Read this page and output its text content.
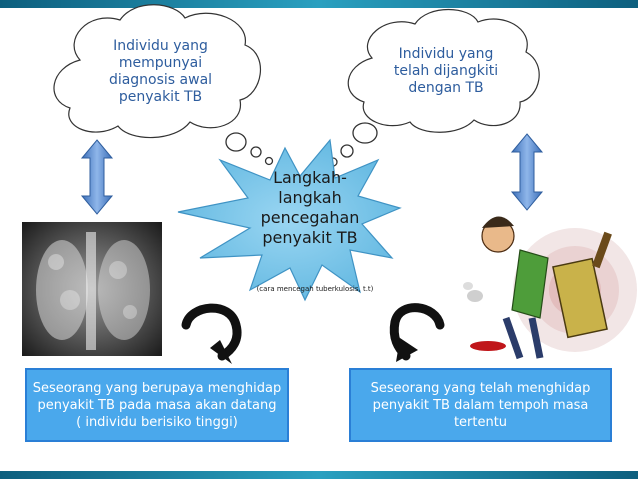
Individu yang
mempunyai
diagnosis awal
penyakit TB
Individu yang
telah dijangkiti
dengan TB
Langkah-
langkah
pencegahan
penyakit TB
(cara mencegah tuberkulosis, t.t)
Seseorang yang berupaya menghidap
penyakit TB pada masa akan datang
( individu berisiko tinggi)
Seseorang yang telah menghidap
penyakit TB dalam tempoh masa
tertentu
